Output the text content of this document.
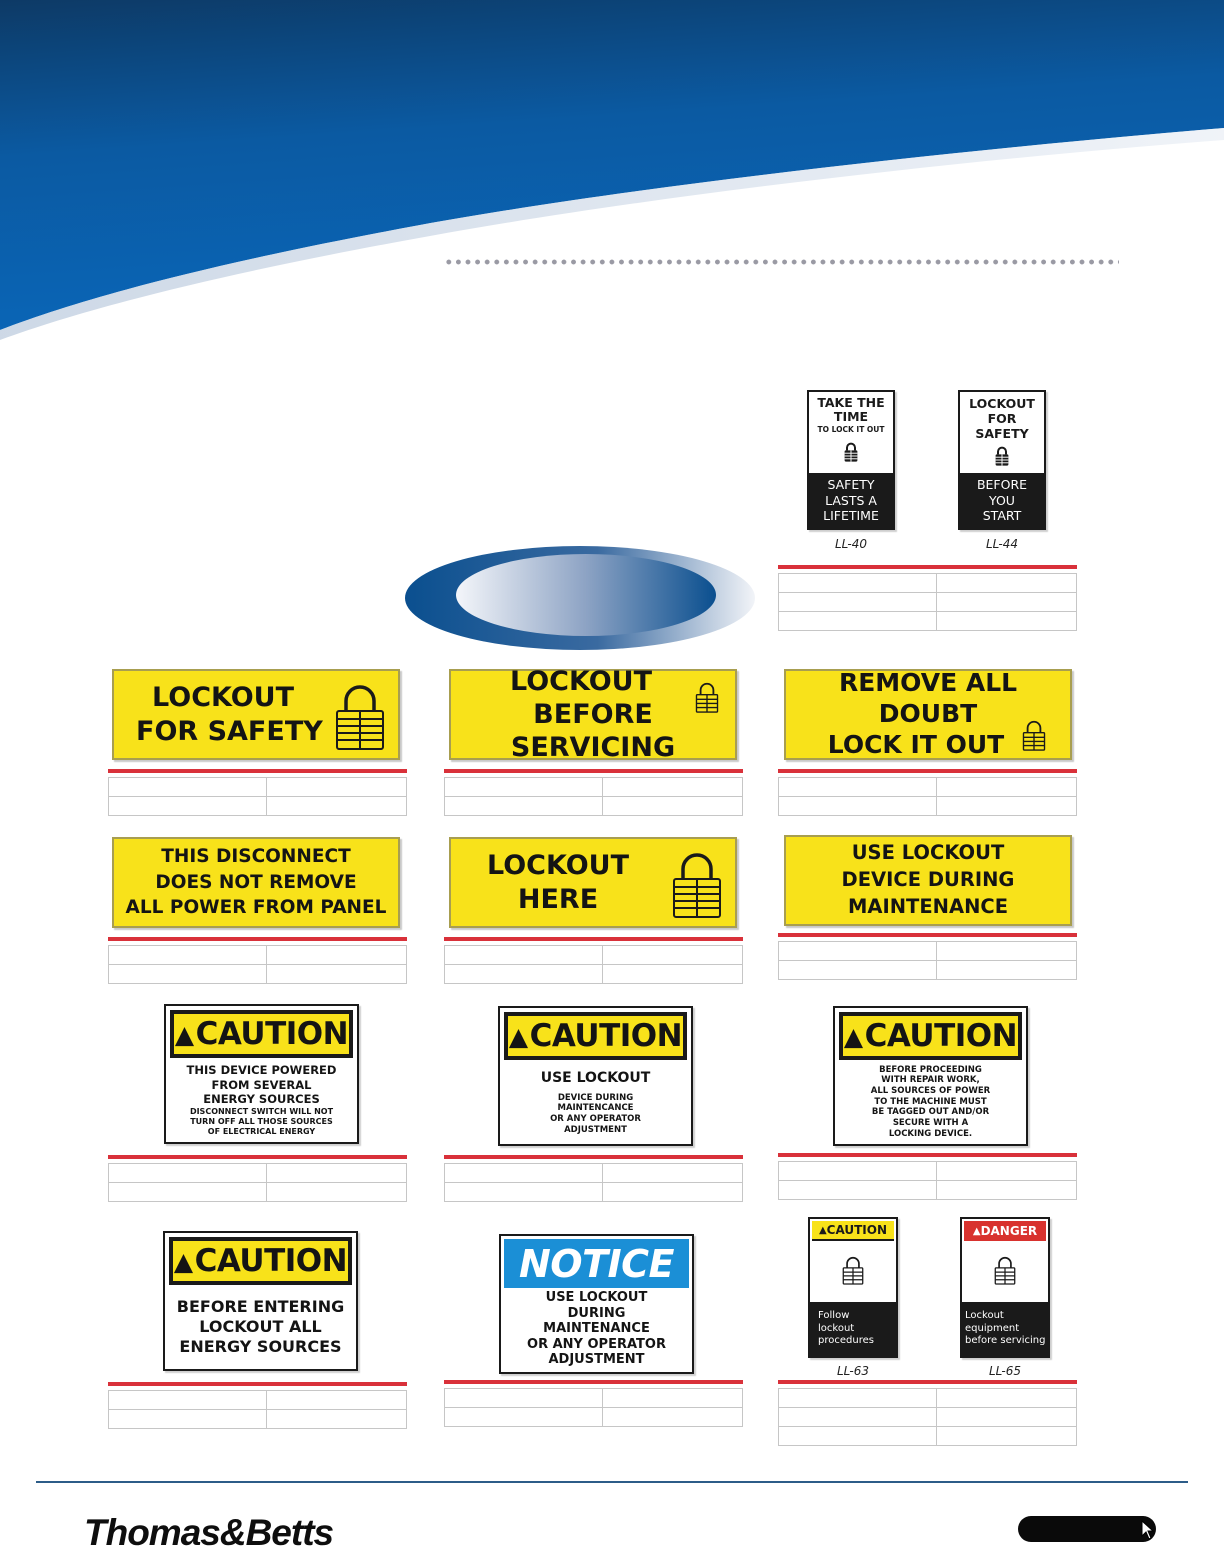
TAKE THE
TIME
TO LOCK IT OUT
SAFETY
LASTS A
LIFETIME
LL-40
LOCKOUT
FOR
SAFETY
BEFORE
YOU
START
LL-44

LOCKOUT
FOR SAFETY

LOCKOUT
BEFORE SERVICING

REMOVE ALL DOUBT
LOCK IT OUT

THIS DISCONNECT
DOES NOT REMOVE
ALL POWER FROM PANEL

LOCKOUT
HERE

USE LOCKOUT
DEVICE DURING
MAINTENANCE

▲ CAUTION
THIS DEVICE POWERED
FROM SEVERAL
ENERGY SOURCES
DISCONNECT SWITCH WILL NOT
TURN OFF ALL THOSE SOURCES
OF ELECTRICAL ENERGY

▲ CAUTION
USE LOCKOUT
DEVICE DURING
MAINTENCANCE
OR ANY OPERATOR
ADJUSTMENT

▲ CAUTION
BEFORE PROCEEDING
WITH REPAIR WORK,
ALL SOURCES OF POWER
TO THE MACHINE MUST
BE TAGGED OUT AND/OR
SECURE WITH A
LOCKING DEVICE.

▲ CAUTION
BEFORE ENTERING
LOCKOUT ALL
ENERGY SOURCES

NOTICE
USE LOCKOUT
DURING
MAINTENANCE
OR ANY OPERATOR
ADJUSTMENT

▲ CAUTION
Follow
lockout
procedures
LL-63
▲ DANGER
Lockout
equipment
before servicing
LL-65

Thomas&Betts
